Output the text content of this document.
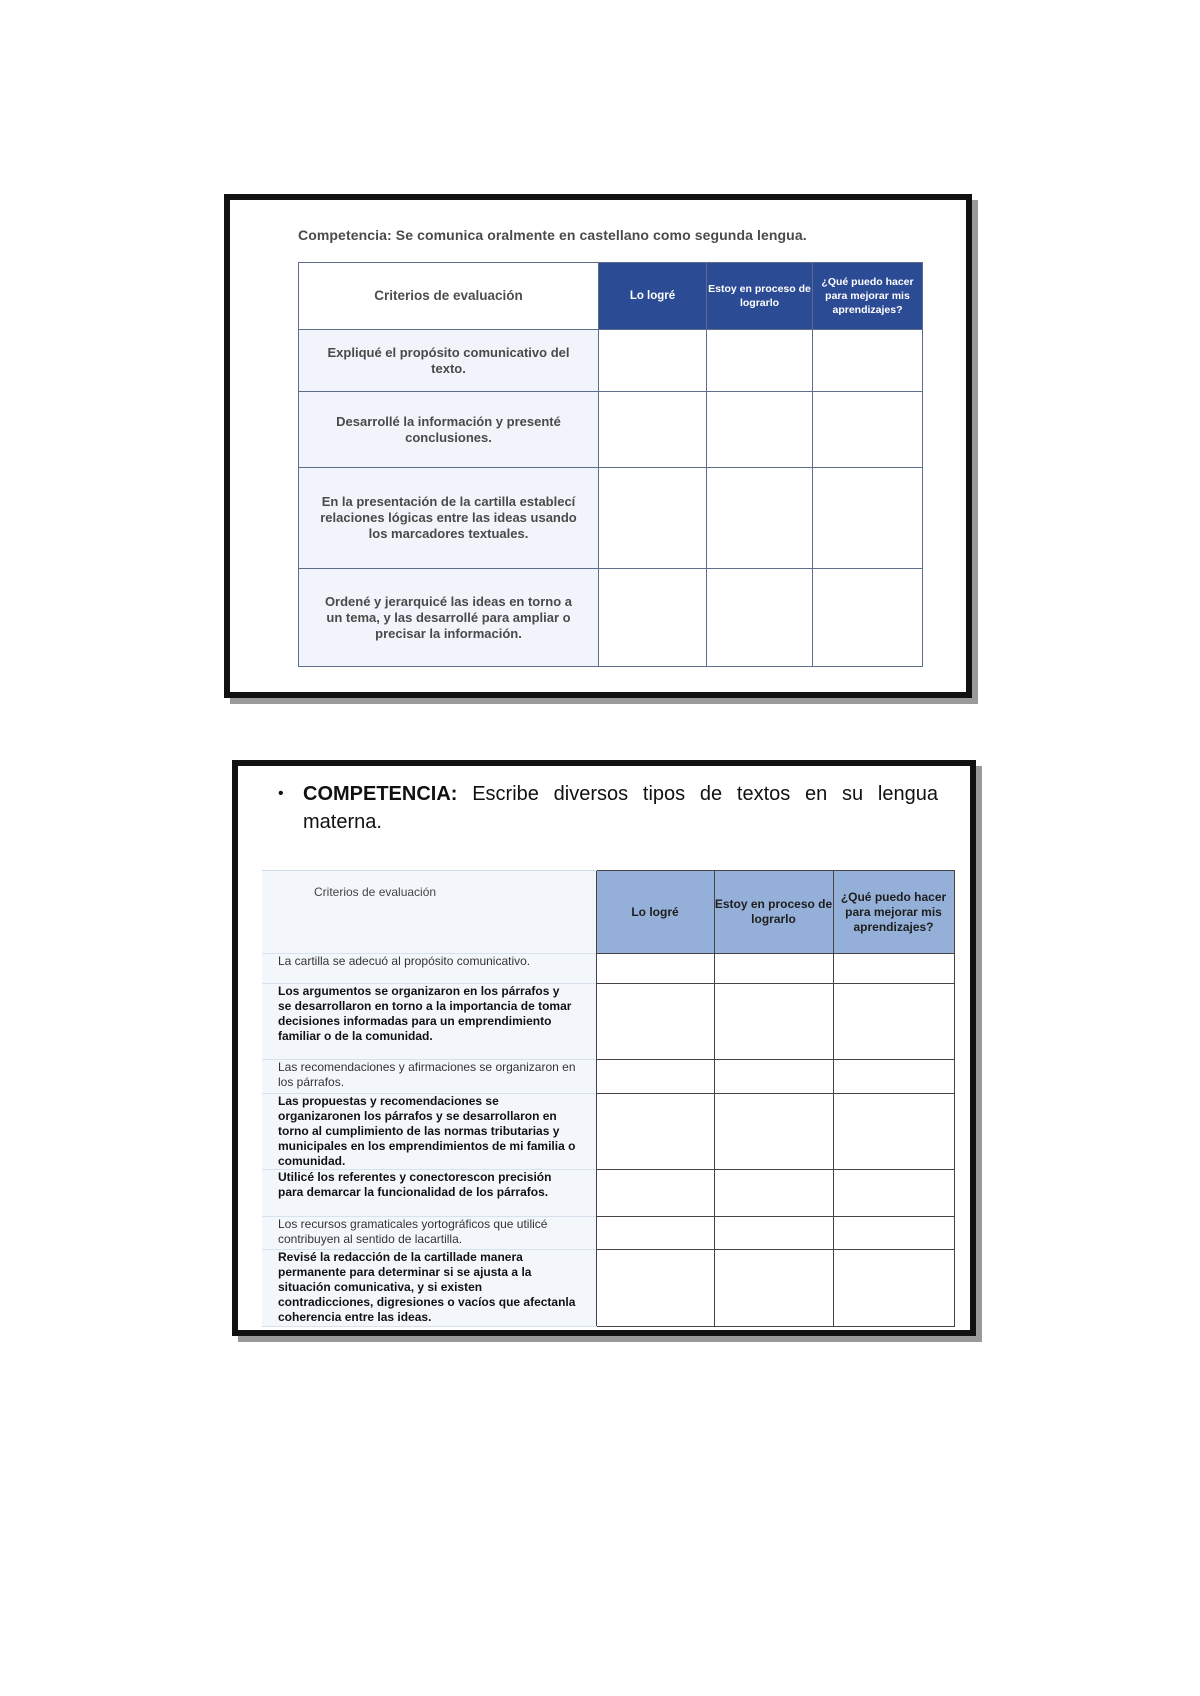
Competencia: Se comunica oralmente en castellano como segunda lengua.
Criterios de evaluación	Lo logré	Estoy en proceso de lograrlo	¿Qué puedo hacer para mejorar mis aprendizajes?
Expliqué el propósito comunicativo del texto.			
Desarrollé la información y presenté conclusiones.			
En la presentación de la cartilla establecí relaciones lógicas entre las ideas usando los marcadores textuales.			
Ordené y jerarquicé las ideas en torno a un tema, y las desarrollé para ampliar o precisar la información.			
• COMPETENCIA: Escribe diversos tipos de textos en su lengua materna.
Criterios de evaluación	Lo logré	Estoy en proceso de lograrlo	¿Qué puedo hacer para mejorar mis aprendizajes?
La cartilla se adecuó al propósito comunicativo.			
Los argumentos se organizaron en los párrafos y se desarrollaron en torno a la importancia de tomar decisiones informadas para un emprendimiento familiar o de la comunidad.			
Las recomendaciones y afirmaciones se organizaron en los párrafos.			
Las propuestas y recomendaciones se organizaronen los párrafos y se desarrollaron en torno al cumplimiento de las normas tributarias y municipales en los emprendimientos de mi familia o comunidad.			
Utilicé los referentes y conectorescon precisión para demarcar la funcionalidad de los párrafos.			
Los recursos gramaticales yortográficos que utilicé contribuyen al sentido de lacartilla.			
Revisé la redacción de la cartillade manera permanente para determinar si se ajusta a la situación comunicativa, y si existen contradicciones, digresiones o vacíos que afectanla coherencia entre las ideas.			
